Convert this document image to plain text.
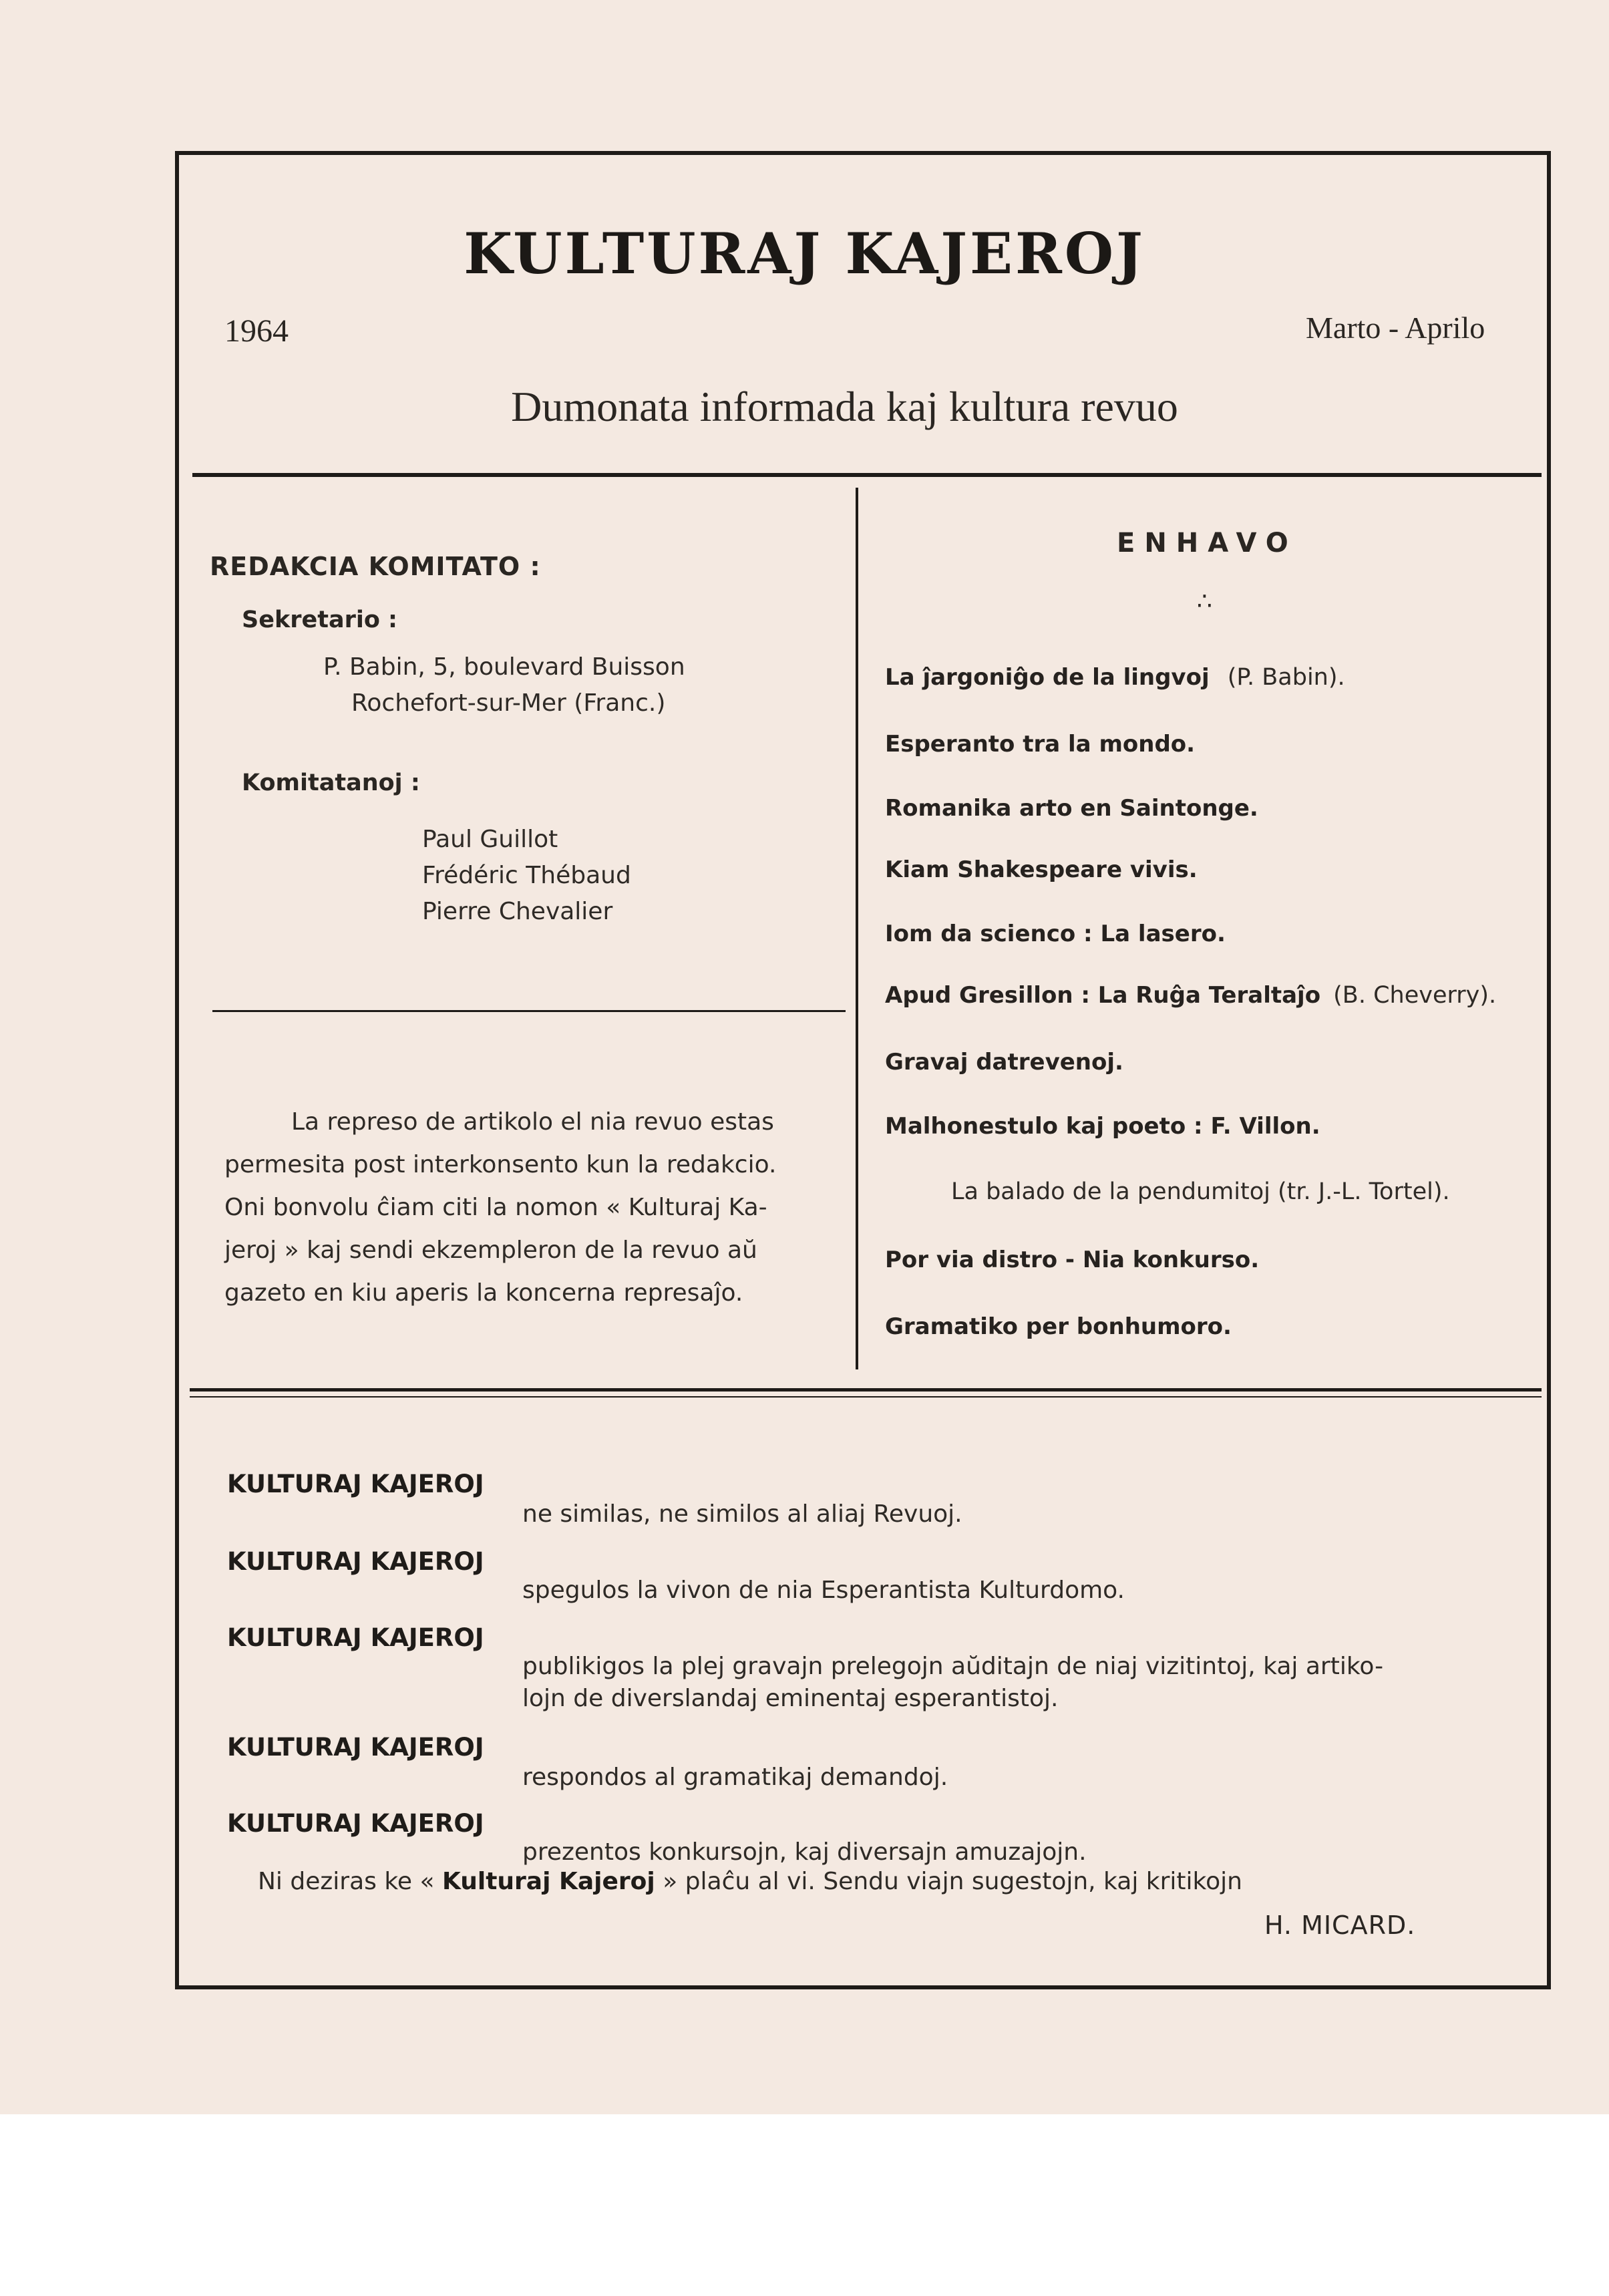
KULTURAJ KAJEROJ
1964	Marto - Aprilo
Dumonata informada kaj kultura revuo
REDAKCIA KOMITATO :
Sekretario :
P. Babin, 5, boulevard Buisson
Rochefort-sur-Mer (Franc.)
Komitatanoj :
Paul Guillot
Frédéric Thébaud
Pierre Chevalier
La represo de artikolo el nia revuo estas
permesita post interkonsento kun la redakcio.
Oni bonvolu ĉiam citi la nomon « Kulturaj Ka-
jeroj » kaj sendi ekzempleron de la revuo aŭ
gazeto en kiu aperis la koncerna represaĵo.
ENHAVO
∴
La ĵargoniĝo de la lingvoj (P. Babin).
Esperanto tra la mondo.
Romanika arto en Saintonge.
Kiam Shakespeare vivis.
Iom da scienco : La lasero.
Apud Gresillon : La Ruĝa Teraltaĵo (B. Cheverry).
Gravaj datrevenoj.
Malhonestulo kaj poeto : F. Villon.
La balado de la pendumitoj (tr. J.-L. Tortel).
Por via distro - Nia konkurso.
Gramatiko per bonhumoro.
KULTURAJ KAJEROJ
ne similas, ne similos al aliaj Revuoj.
KULTURAJ KAJEROJ
spegulos la vivon de nia Esperantista Kulturdomo.
KULTURAJ KAJEROJ
publikigos la plej gravajn prelegojn aŭditajn de niaj vizitintoj, kaj artiko-
lojn de diverslandaj eminentaj esperantistoj.
KULTURAJ KAJEROJ
respondos al gramatikaj demandoj.
KULTURAJ KAJEROJ
prezentos konkursojn, kaj diversajn amuzajojn.
Ni deziras ke « Kulturaj Kajeroj » plaĉu al vi. Sendu viajn sugestojn, kaj kritikojn
H. MICARD.
